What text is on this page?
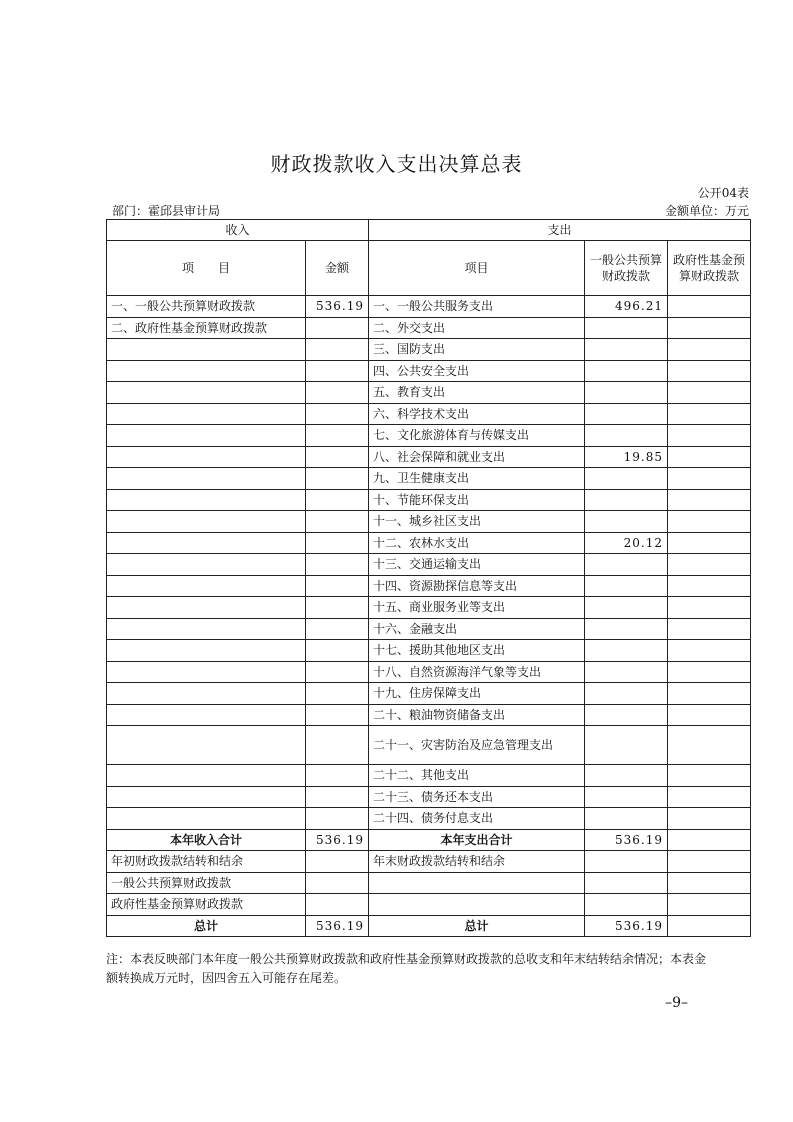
财政拨款收入支出决算总表
公开04表
部门：霍邱县审计局	金额单位：万元
收入		支出		
项　　目	金额	项目	一般公共预算财政拨款	政府性基金预算财政拨款
一、一般公共预算财政拨款	536.19	一、一般公共服务支出	496.21	
二、政府性基金预算财政拨款		二、外交支出		
		三、国防支出		
		四、公共安全支出		
		五、教育支出		
		六、科学技术支出		
		七、文化旅游体育与传媒支出		
		八、社会保障和就业支出	19.85	
		九、卫生健康支出		
		十、节能环保支出		
		十一、城乡社区支出		
		十二、农林水支出	20.12	
		十三、交通运输支出		
		十四、资源勘探信息等支出		
		十五、商业服务业等支出		
		十六、金融支出		
		十七、援助其他地区支出		
		十八、自然资源海洋气象等支出		
		十九、住房保障支出		
		二十、粮油物资储备支出		
		二十一、灾害防治及应急管理支出		
		二十二、其他支出		
		二十三、债务还本支出		
		二十四、债务付息支出		
本年收入合计	536.19	本年支出合计	536.19	
年初财政拨款结转和结余		年末财政拨款结转和结余		
一般公共预算财政拨款				
政府性基金预算财政拨款				
总计	536.19	总计	536.19	
注：本表反映部门本年度一般公共预算财政拨款和政府性基金预算财政拨款的总收支和年末结转结余情况；本表金额转换成万元时，因四舍五入可能存在尾差。
–9–
